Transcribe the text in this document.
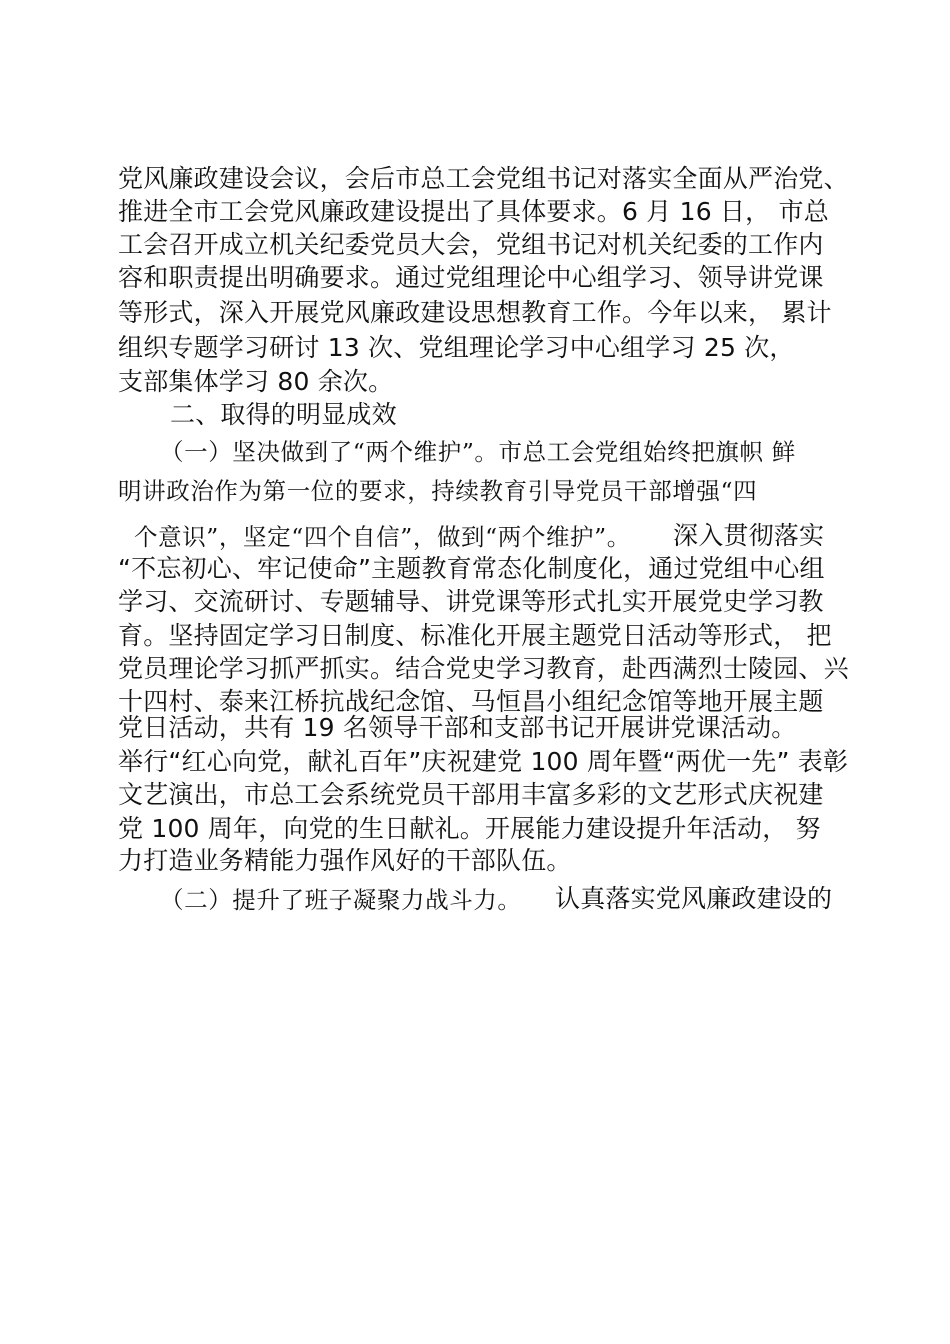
党风廉政建设会议，会后市总工会党组书记对落实全面从严治党、
推进全市工会党风廉政建设提出了具体要求。6 月 16 日， 市总
工会召开成立机关纪委党员大会，党组书记对机关纪委的工作内
容和职责提出明确要求。通过党组理论中心组学习、领导讲党课
等形式，深入开展党风廉政建设思想教育工作。今年以来， 累计
组织专题学习研讨 13 次、党组理论学习中心组学习 25 次，
支部集体学习 80 余次。
二、取得的明显成效
（一）坚决做到了“两个维护”。市总工会党组始终把旗帜 鲜
明讲政治作为第一位的要求，持续教育引导党员干部增强“四
个意识”，坚定“四个自信”，做到“两个维护”。 深入贯彻落实
“不忘初心、牢记使命”主题教育常态化制度化，通过党组中心组
学习、交流研讨、专题辅导、讲党课等形式扎实开展党史学习教
育。坚持固定学习日制度、标准化开展主题党日活动等形式， 把
党员理论学习抓严抓实。结合党史学习教育，赴西满烈士陵园、兴
十四村、泰来江桥抗战纪念馆、马恒昌小组纪念馆等地开展主题
党日活动，共有 19 名领导干部和支部书记开展讲党课活动。
举行“红心向党，献礼百年”庆祝建党 100 周年暨“两优一先” 表彰
文艺演出，市总工会系统党员干部用丰富多彩的文艺形式庆祝建
党 100 周年，向党的生日献礼。开展能力建设提升年活动， 努
力打造业务精能力强作风好的干部队伍。
（二）提升了班子凝聚力战斗力。 认真落实党风廉政建设的
